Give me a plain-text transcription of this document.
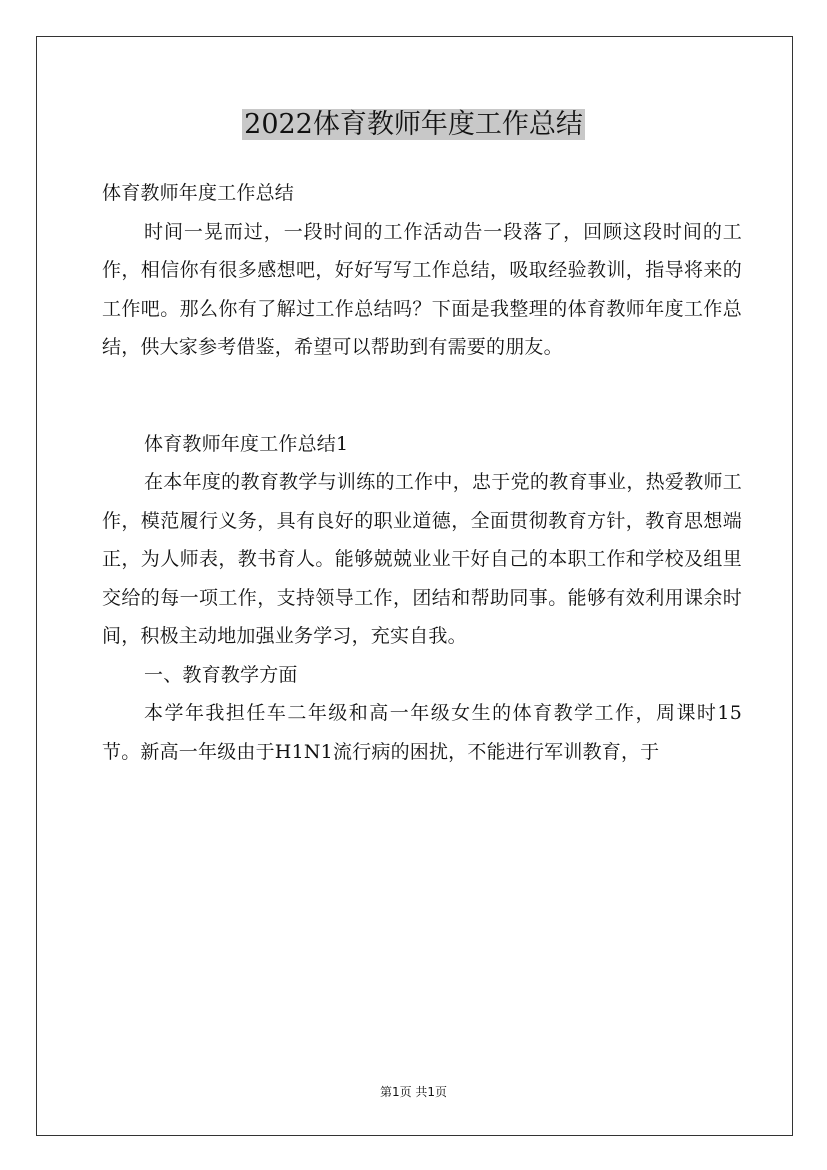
2022体育教师年度工作总结

体育教师年度工作总结

时间一晃而过，一段时间的工作活动告一段落了，回顾这段时间的工作，相信你有很多感想吧，好好写写工作总结，吸取经验教训，指导将来的工作吧。那么你有了解过工作总结吗？下面是我整理的体育教师年度工作总结，供大家参考借鉴，希望可以帮助到有需要的朋友。

体育教师年度工作总结1

在本年度的教育教学与训练的工作中，忠于党的教育事业，热爱教师工作，模范履行义务，具有良好的职业道德，全面贯彻教育方针，教育思想端正，为人师表，教书育人。能够兢兢业业干好自己的本职工作和学校及组里交给的每一项工作，支持领导工作，团结和帮助同事。能够有效利用课余时间，积极主动地加强业务学习，充实自我。

一、教育教学方面

本学年我担任车二年级和高一年级女生的体育教学工作，周课时15节。新高一年级由于H1N1流行病的困扰，不能进行军训教育，于

第1页 共1页
